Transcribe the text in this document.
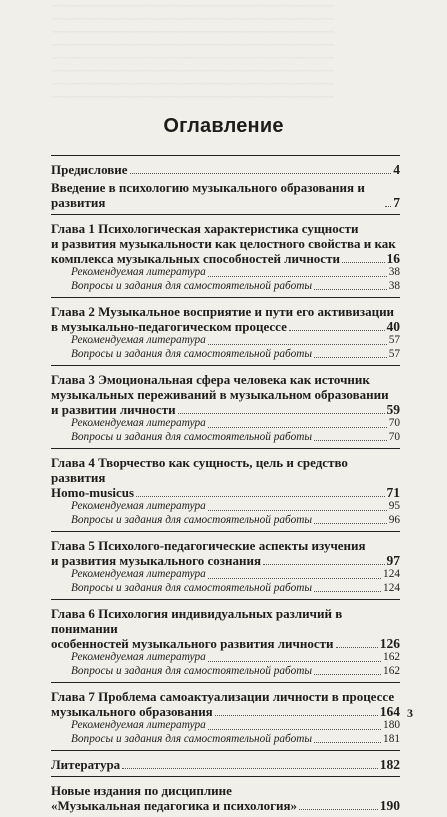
~~~~~~~~~~~~~~~~~~~~~~~~~~~~~~~~~~~~~~~~~~~~~~~~~~~~~~~~~~
~~~~~~~~~~~~~~~~~~~~~~~~~~~~~~~~~~~~~~~~~~~~~~~~~~~~~~~~~~
~~~~~~~~~~~~~~~~~~~~~~~~~~~~~~~~~~~~~~~~~~~~~~~~~~~~~~~~~~
~~~~~~~~~~~~~~~~~~~~~~~~~~~~~~~~~~~~~~~~~~~~~~~~~~~~~~~~~~
~~~~~~~~~~~~~~~~~~~~~~~~~~~~~~~~~~~~~~~~~~~~~~~~~~~~~~~~~~
~~~~~~~~~~~~~~~~~~~~~~~~~~~~~~~~~~~~~~~~~~~~~~~~~~~~~~~~~~
~~~~~~~~~~~~~~~~~~~~~~~~~~~~~~~~~~~~~~~~~~~~~~~~~~~~~~~~~~
~~~~~~~~~~~~~~~~~~~~~~~~~~~~~~~~~~~~~~~~~~~~~~~~~~~~~~~~~~
Оглавление
Предисловие	4
Введение в психологию музыкального образования и развития	7
Глава 1 Психологическая характеристика сущности
и развития музыкальности как целостного свойства и как
комплекса музыкальных способностей личности	16
Рекомендуемая литература	38
Вопросы и задания для самостоятельной работы	38
Глава 2 Музыкальное восприятие и пути его активизации
в музыкально-педагогическом процессе	40
Рекомендуемая литература	57
Вопросы и задания для самостоятельной работы	57
Глава 3 Эмоциональная сфера человека как источник
музыкальных переживаний в музыкальном образовании
и развитии личности	59
Рекомендуемая литература	70
Вопросы и задания для самостоятельной работы	70
Глава 4 Творчество как сущность, цель и средство развития
Homo-musicus	71
Рекомендуемая литература	95
Вопросы и задания для самостоятельной работы	96
Глава 5 Психолого-педагогические аспекты изучения
и развития музыкального сознания	97
Рекомендуемая литература	124
Вопросы и задания для самостоятельной работы	124
Глава 6 Психология индивидуальных различий в понимании
особенностей музыкального развития личности	126
Рекомендуемая литература	162
Вопросы и задания для самостоятельной работы	162
Глава 7 Проблема самоактуализации личности в процессе
музыкального образования	164
Рекомендуемая литература	180
Вопросы и задания для самостоятельной работы	181
Литература	182
Новые издания по дисциплине
«Музыкальная педагогика и психология»	190
3
